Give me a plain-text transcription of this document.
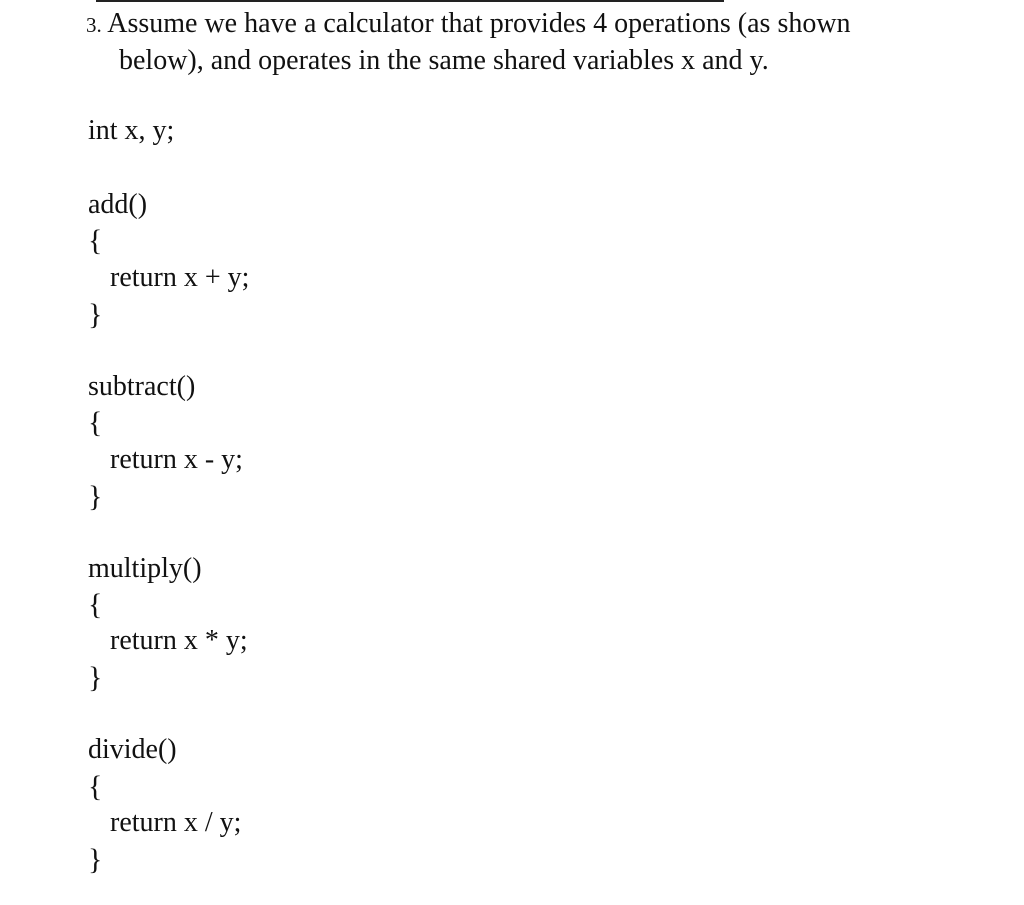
3. Assume we have a calculator that provides 4 operations (as shown
below), and operates in the same shared variables x and y.
int x, y;
add()
{
return x + y;
}
subtract()
{
return x - y;
}
multiply()
{
return x * y;
}
divide()
{
return x / y;
}
